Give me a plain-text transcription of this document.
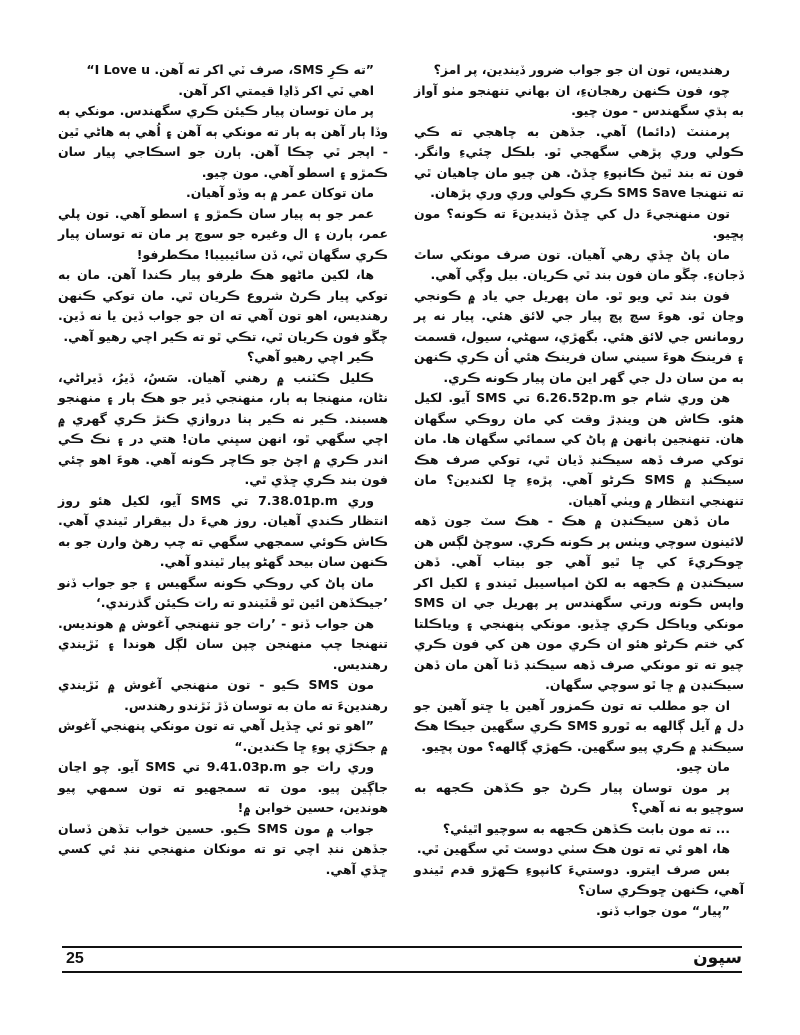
رهنديس، تون ان جو جواب ضرور ڏيندين، پر امز؟

چو، فون ڪنهن رهجانءِ، ان بهاني تنهنجو مٺو آواز به ٻڌي سگهندس - مون چيو.

پرمننٽ (دائما) آهي. جڏهن به چاهجي ته ڪي ڪولي وري پڙهي سگهجي ٿو. بلڪل چئيءِ وانگر. فون ته بند ٿيڻ ڪانپوءِ ڇڏڻ. هن چيو مان چاهيان ٿي ته تنهنجا SMS Save ڪري ڪولي وري وري پڙهان.

تون منهنجيءَ دل کي ڇڏڻ ڏيندينءَ ته ڪونه؟ مون پڇيو.

مان پاڻ ڇڏي رهي آهيان. تون صرف مونکي ساٿ ڏجانءِ. چڱو مان فون بند ٿي ڪريان. بيل وڳي آهي.

فون بند ٿي ويو ٿو. مان پهريل جي ياد ۾ ڪونجي وڃان ٿو. هوءَ سچ پچ پيار جي لائق هئي. پيار نه پر رومانس جي لائق هئي. بگهڙي، سهڻي، سيول، قسمت ۽ فرينڪ هوءَ سيني سان فرينڪ هئي اُن ڪري ڪنهن به من سان دل جي گهر اين مان پيار ڪونه ڪري.

هن وري شام جو 6.26.52p.m تي SMS آيو. لکيل هئو. ڪاش هن وينڊڙ وقت کي مان روڪي سگهان هان. تنهنجين ٻانهن ۾ پاڻ کي سمائي سگهان ها. مان توکي صرف ڏهه سيڪنڊ ڏيان ٿي، توکي صرف هڪ سيڪنڊ ۾ SMS ڪرڻو آهي. پڙهءِ ڇا لکندين؟ مان تنهنجي انتظار ۾ ويٺي آهيان.

مان ڏهن سيڪنڊن ۾ هڪ - هڪ سٽ جون ڏهه لائينون سوچي ويٺس پر ڪونه ڪري. سوچڻ لڳس هن ڇوڪريءَ کي ڇا ٿيو آهي جو بيتاب آهي. ڏهن سيڪنڊن ۾ ڪجهه به لکڻ امپاسيبل ٿيندو ۽ لکيل اکر واپس ڪونه ورتي سگهندس پر پهريل جي ان SMS مونکي وياڪل ڪري ڇڏيو. مونکي پنهنجي ۽ وياڪلتا کي ختم ڪرڻو هئو ان ڪري مون هن کي فون ڪري چيو ته تو مونکي صرف ڏهه سيڪنڊ ڏنا آهن مان ڏهن سيڪنڊن ۾ ڇا ٿو سوچي سگهان.

ان جو مطلب ته تون ڪمزور آهين يا ڇتو آهين جو دل ۾ آيل ڳالهه به ٿورو SMS ڪري سگهين جيڪا هڪ سيڪنڊ ۾ ڪري پيو سگهين. ڪهڙي ڳالهه؟ مون پڇيو.

مان چيو.

پر مون توسان پيار ڪرڻ جو ڪڏهن ڪجهه به سوچيو به نه آهي؟

... ته مون بابت ڪڏهن ڪجهه به سوچيو اٿيئي؟

ها، اهو ئي ته تون هڪ سٺي دوست ٿي سگهين ٿي.

بس صرف ايترو. دوستيءَ کانپوءِ ڪهڙو قدم ٿيندو آهي، ڪنهن ڇوڪري سان؟

”پيار“ مون جواب ڏنو.

”ته ڪرِ SMS، صرف ٽي اکر ته آهن. I Love u“

اهي ٽي اکر ڏاڍا قيمتي اکر آهن.

پر مان توسان پيار ڪيئن ڪري سگهندس. مونکي ٻه وڏا ٻار آهن ٻه ٻار ته مونکي ٻه آهن ۽ اُهي ٻه هاڻي ٿين - اپجر ٿي چڪا آهن. ٻارن جو اسڪاجي پيار سان ڪمڙو ۽ اسطو آهي. مون چيو.

مان توکان عمر ۾ ٻه وڏو آهيان.

عمر جو ٻه پيار سان ڪمڙو ۽ اسطو آهي. تون پلي عمر، ٻارن ۽ ال وغيره جو سوچ پر مان ته توسان پيار ڪري سگهان ٿي، ڏن سائيبيبا! مڪطرفو!

ها، لکين ماڻهو هڪ طرفو پيار ڪندا آهن. مان به توکي پيار ڪرڻ شروع ڪريان ٿي. مان توکي ڪنهن رهنديس، اهو تون آهي ته ان جو جواب ڏين يا نه ڏين. چڱو فون ڪريان ٿي، تڪي ٿو ته ڪير اچي رهيو آهي.

ڪير اچي رهيو آهي؟

ڪليل ڪٽنب ۾ رهني آهيان. سَسُ، ڏيرُ، ڏيراڻي، نڻان، منهنجا ٻه ٻار، منهنجي ڏير جو هڪ ٻار ۽ منهنجو هسبند. ڪير نه ڪير ٻنا دروازي ڪنڙ ڪري گهري ۾ اچي سگهي ٿو، انهن سڀني مان! هتي در ۽ نڪ ڪي اندر ڪري ۾ اچڻ جو ڪاچر ڪونه آهي. هوءَ اهو چئي فون بند ڪري ڇڏي ٿي.

وري 7.38.01p.m تي SMS آيو، لکيل هئو روز انتظار ڪندي آهيان. روز هيءَ دل بيقرار ٿيندي آهي. ڪاش ڪوئي سمجهي سگهي ته چپ رهڻ وارن جو به ڪنهن سان بيحد گهڻو پيار ٿيندو آهي.

مان پاڻ کي روڪي ڪونه سگهيس ۽ جو جواب ڏنو ’جيڪڏهن ائين ٿو ڦٽيندو ته رات ڪيئن گذرندي.‘

هن جواب ڏنو - ’رات جو تنهنجي آغوش ۾ هونديس. تنهنجا چپ منهنجن چپن سان لڳل هوندا ۽ ٽڙيندي رهنديس.

مون SMS ڪيو - تون منهنجي آغوش ۾ ٽڙيندي رهندينءَ ته مان به توسان ڏڙ ٽڙندو رهندس.

”اهو تو ئي ڇڏيل آهي ته تون مونکي پنهنجي آغوش ۾ جڪڙي پوءِ ڇا ڪندين.“

وري رات جو 9.41.03p.m تي SMS آيو. چو اڃان جاڳين پيو. مون ته سمجهيو ته تون سمهي پيو هوندين، حسين خوابن ۾!

جواب ۾ مون SMS ڪيو. حسين خواب تڏهن ڏسان جڏهن ننڊ اچي تو ته مونکان منهنجي ننڊ ئي کسي ڇڏي آهي.

25	سپون
